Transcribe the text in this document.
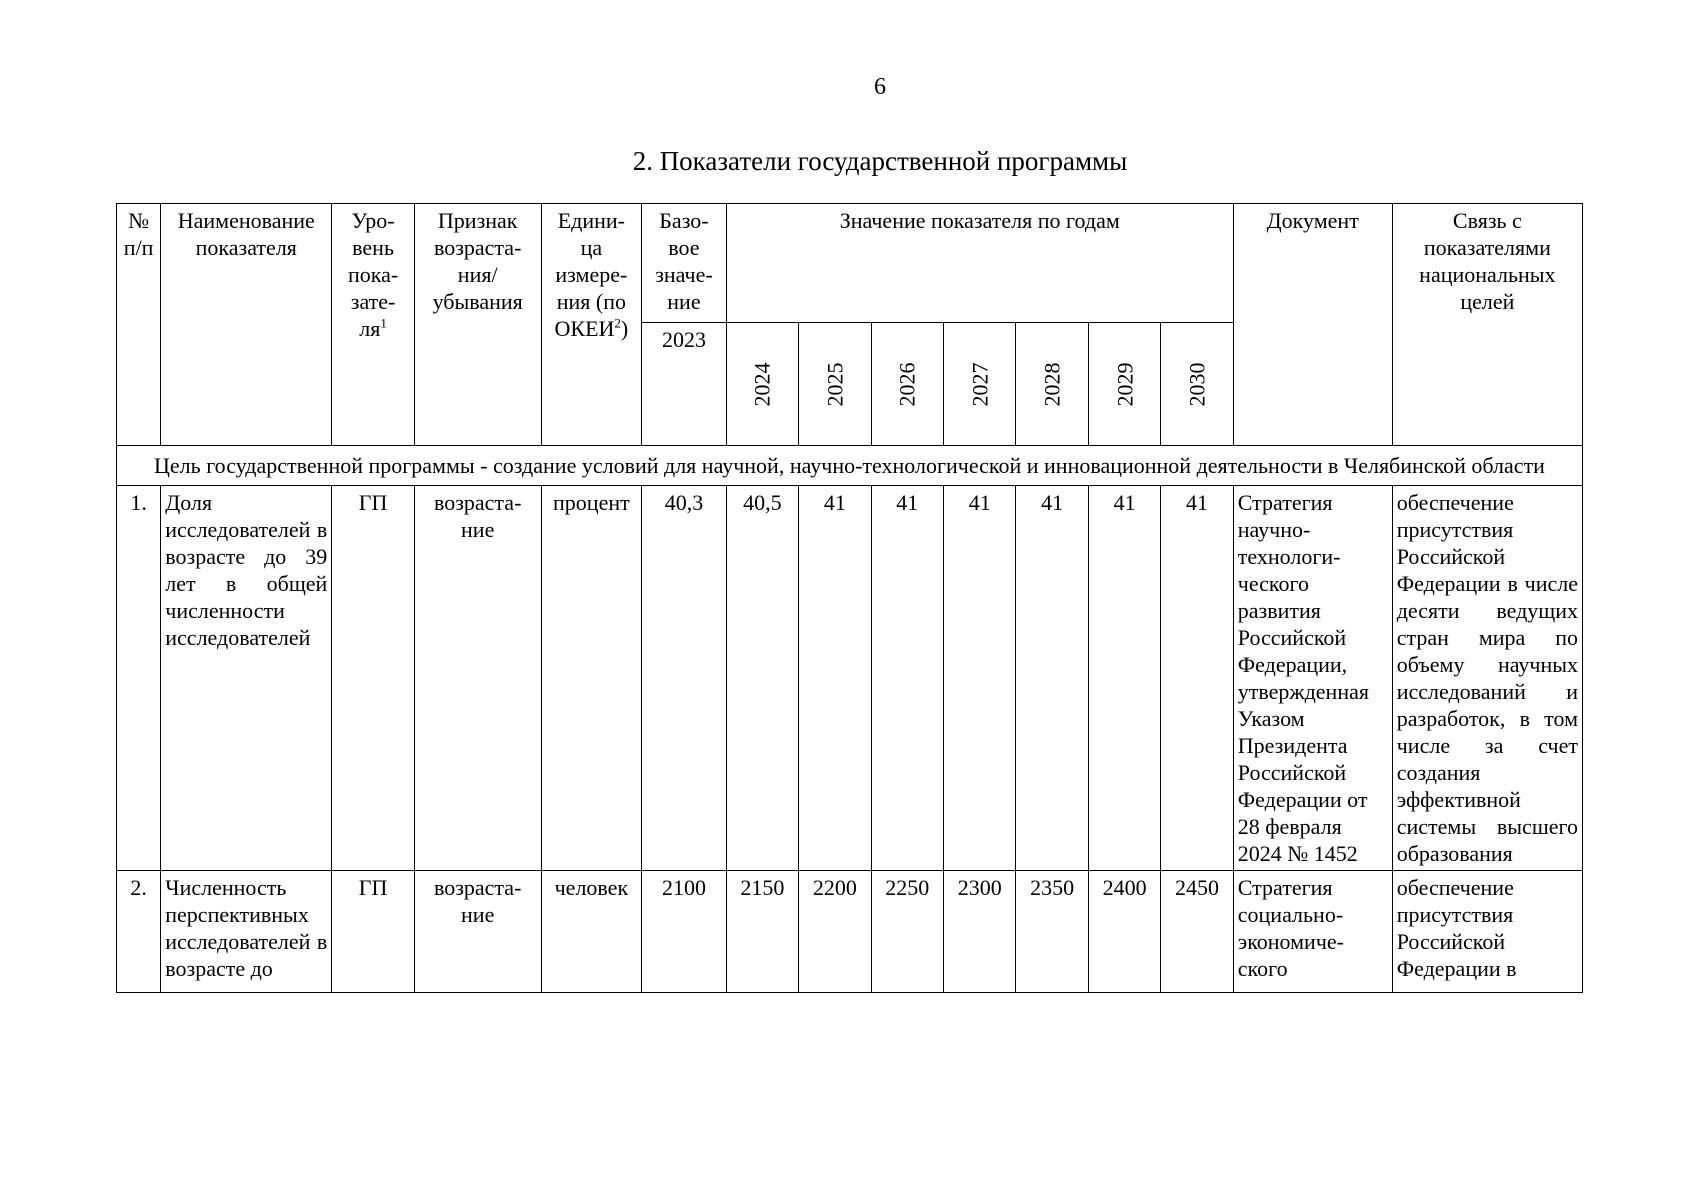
6
2. Показатели государственной программы
№
п/п	Наименование показателя	Уро-
вень
пока-
зате-
$ля^1$	Признак
возраста-
ния/
убывания	Едини-
ца
измере-
ния (по
ОКЕИ$^2$)	Базо-
вое
значе-
ние	Значение показателя по годам							Документ	Связь с
показателями
национальных
целей
					2023	2024	2025	2026	2027	2028	2029	2030		
Цель государственной программы - создание условий для научной, научно-технологической и инновационной деятельности в Челябинской области														
1.	Доля исследователей в возрасте до 39 лет в общей численности исследователей	ГП	возраста-ние	процент	40,3	40,5	41	41	41	41	41	41	Стратегия научно-технологи-ческого развития Российской Федерации, утвержденная Указом Президента Российской Федерации от 28 февраля 2024 № 1452	обеспечение присутствия Российской Федерации в числе десяти ведущих стран мира по объему научных исследований и разработок, в том числе за счет создания эффективной системы высшего образования
2.	Численность перспективных исследователей в возрасте до	ГП	возраста-ние	человек	2100	2150	2200	2250	2300	2350	2400	2450	Стратегия социально-экономиче-ского	обеспечение присутствия Российской Федерации в
